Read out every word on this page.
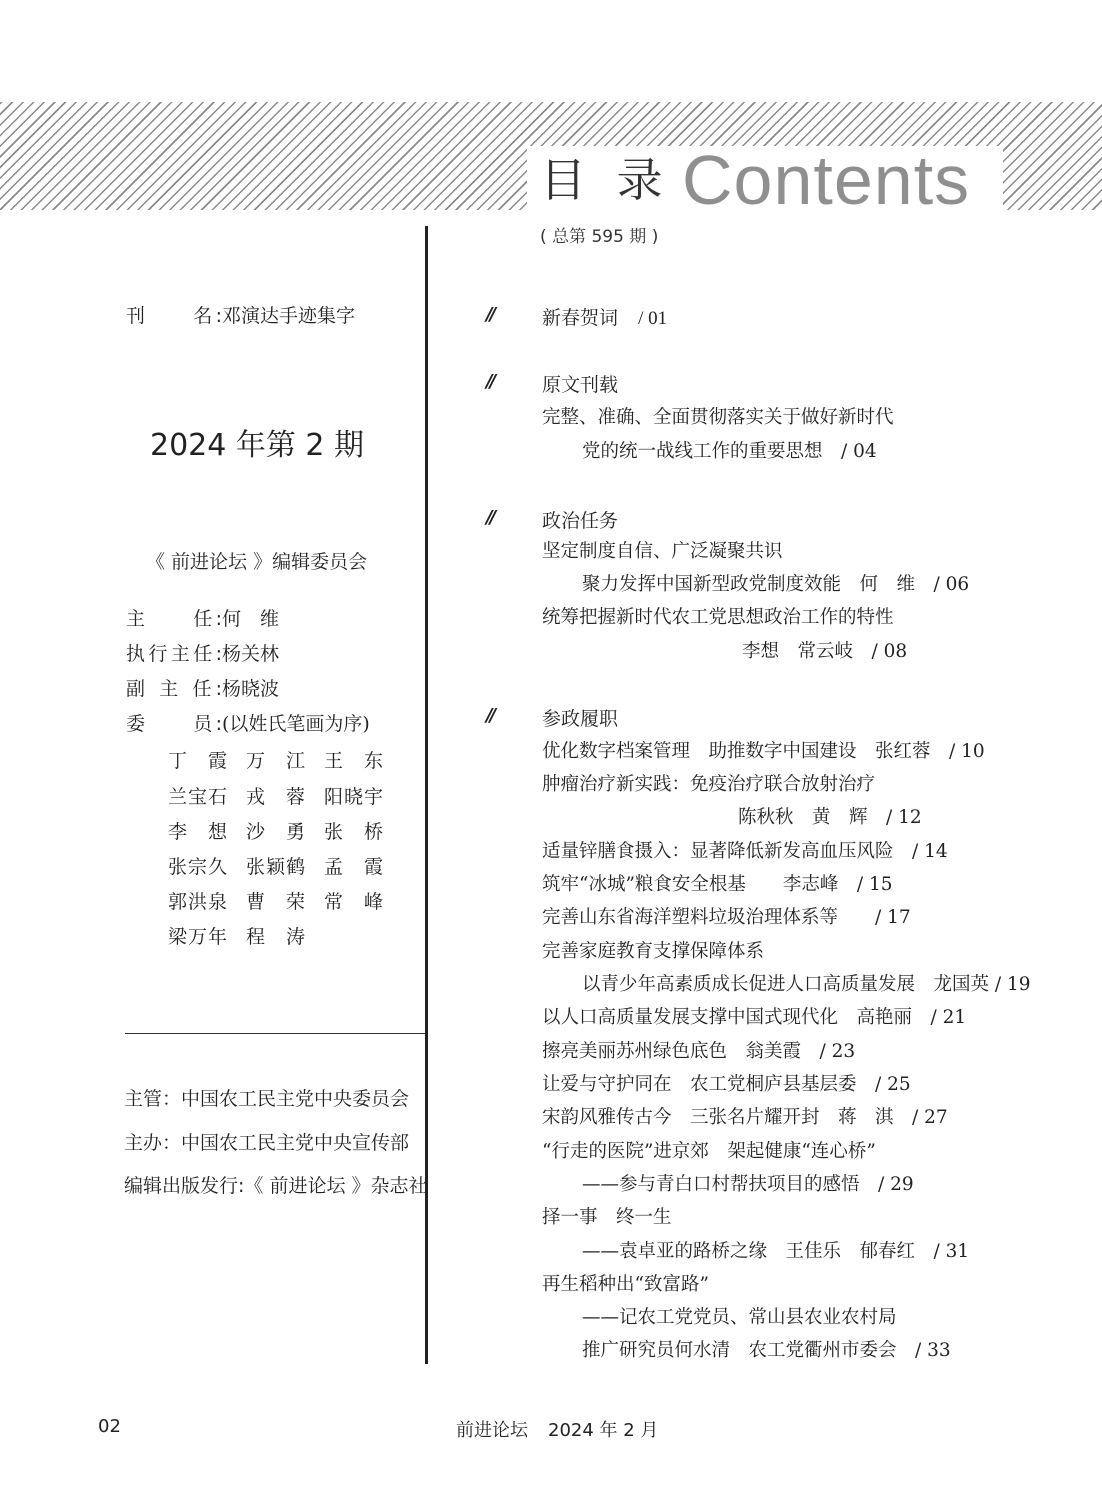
目 录 Contents
( 总第 595 期 )
刊　　名:邓演达手迹集字
2024 年第 2 期
《 前进论坛 》编辑委员会
主　　任:何　维
执行主任:杨关林
副 主 任:杨晓波
委　　员:(以姓氏笔画为序)
丁　霞 万　江 王　东
兰宝石 戎　蓉 阳晓宇
李　想 沙　勇 张　桥
张宗久 张颖鹤 孟　霞
郭洪泉 曹　荣 常　峰
梁万年 程　涛
主管：中国农工民主党中央委员会
主办：中国农工民主党中央宣传部
编辑出版发行:《 前进论坛 》杂志社
//	新春贺词 / 01
//	原文刊载
完整、准确、全面贯彻落实关于做好新时代
党的统一战线工作的重要思想　/ 04
//	政治任务
坚定制度自信、广泛凝聚共识
聚力发挥中国新型政党制度效能　何　维　/ 06
统筹把握新时代农工党思想政治工作的特性
李想　常云岐　/ 08
//	参政履职
优化数字档案管理　助推数字中国建设　张红蓉　/ 10
肿瘤治疗新实践：免疫治疗联合放射治疗
陈秋秋　黄　辉　/ 12
适量锌膳食摄入：显著降低新发高血压风险　/ 14
筑牢“冰城”粮食安全根基　　李志峰　/ 15
完善山东省海洋塑料垃圾治理体系等　　/ 17
完善家庭教育支撑保障体系
以青少年高素质成长促进人口高质量发展　龙国英 / 19
以人口高质量发展支撑中国式现代化　高艳丽　/ 21
擦亮美丽苏州绿色底色　翁美霞　/ 23
让爱与守护同在　农工党桐庐县基层委　/ 25
宋韵风雅传古今　三张名片耀开封　蒋　淇　/ 27
“行走的医院”进京郊　架起健康“连心桥”
——参与青白口村帮扶项目的感悟　/ 29
择一事　终一生
——袁卓亚的路桥之缘　王佳乐　郁春红　/ 31
再生稻种出“致富路”
——记农工党党员、常山县农业农村局
推广研究员何水清　农工党衢州市委会　/ 33
02	前进论坛 2024 年 2 月
